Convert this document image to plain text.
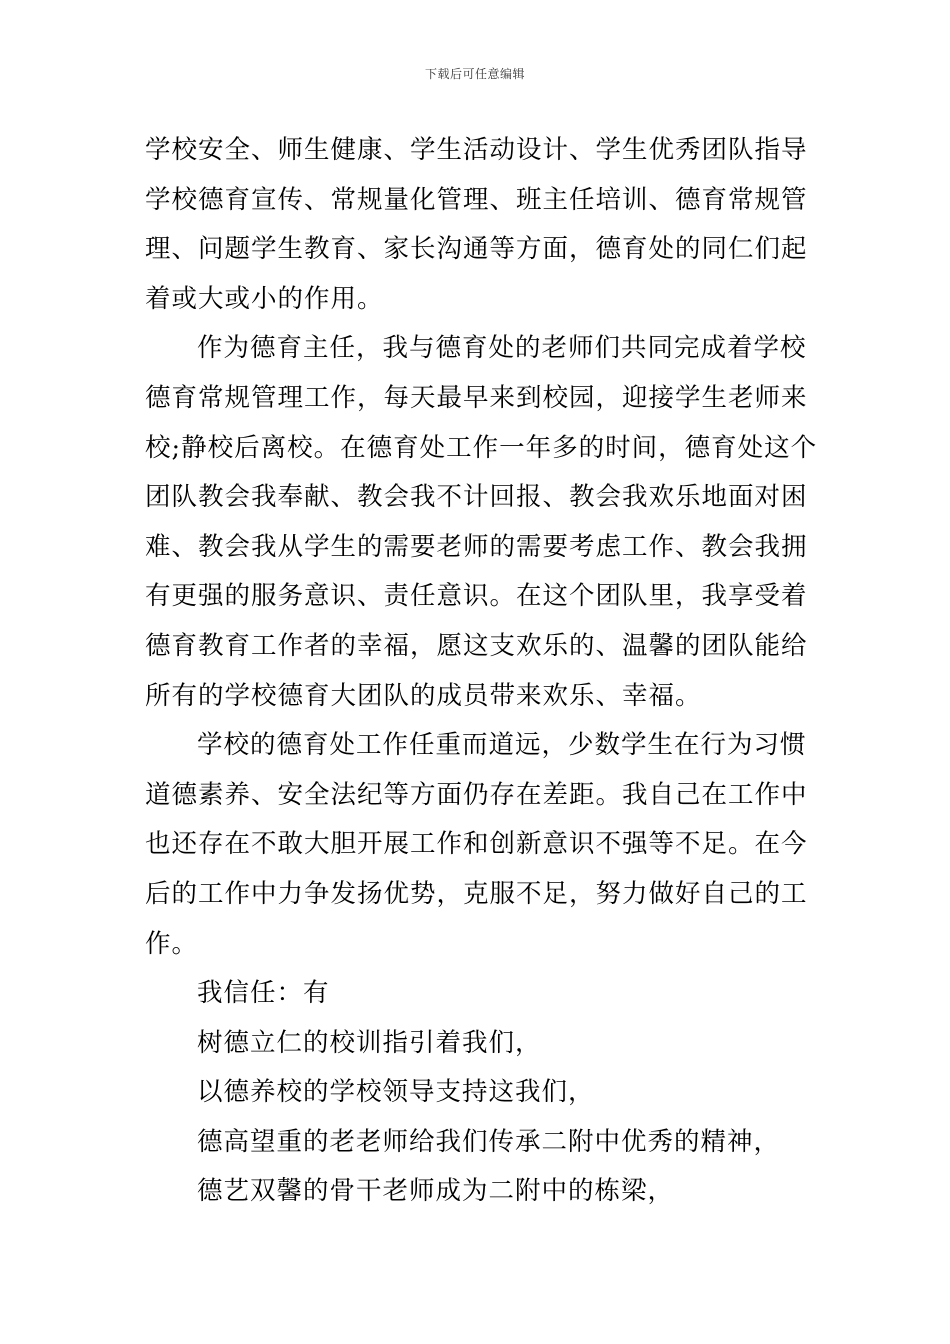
下载后可任意编辑
学校安全、师生健康、学生活动设计、学生优秀团队指导
学校德育宣传、常规量化管理、班主任培训、德育常规管
理、问题学生教育、家长沟通等方面，德育处的同仁们起
着或大或小的作用。
作为德育主任，我与德育处的老师们共同完成着学校
德育常规管理工作，每天最早来到校园，迎接学生老师来
校;静校后离校。在德育处工作一年多的时间，德育处这个
团队教会我奉献、教会我不计回报、教会我欢乐地面对困
难、教会我从学生的需要老师的需要考虑工作、教会我拥
有更强的服务意识、责任意识。在这个团队里，我享受着
德育教育工作者的幸福，愿这支欢乐的、温馨的团队能给
所有的学校德育大团队的成员带来欢乐、幸福。
学校的德育处工作任重而道远，少数学生在行为习惯
道德素养、安全法纪等方面仍存在差距。我自己在工作中
也还存在不敢大胆开展工作和创新意识不强等不足。在今
后的工作中力争发扬优势，克服不足，努力做好自己的工
作。
我信任：有
树德立仁的校训指引着我们，
以德养校的学校领导支持这我们，
德高望重的老老师给我们传承二附中优秀的精神，
德艺双馨的骨干老师成为二附中的栋梁，
